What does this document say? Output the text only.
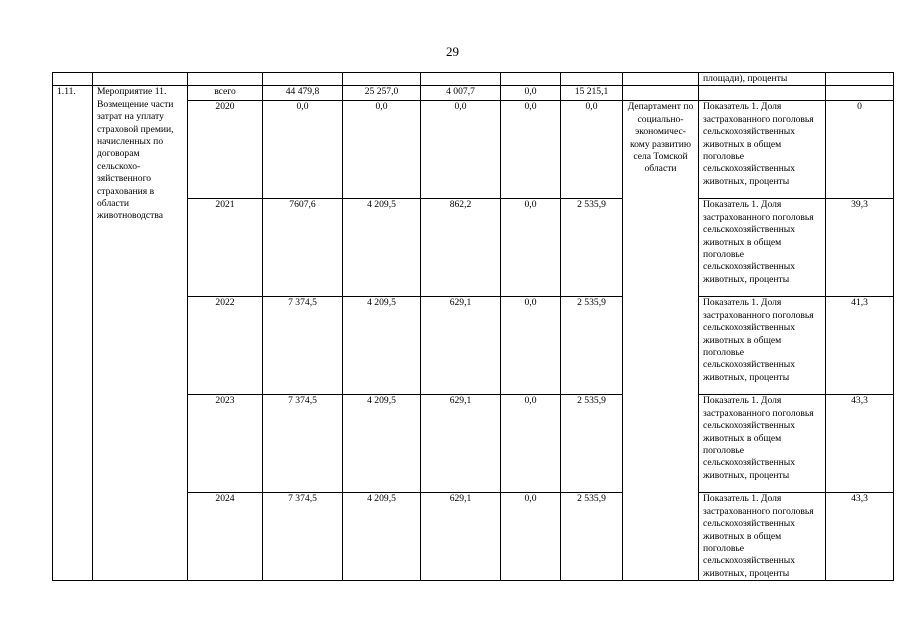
29
									площади), проценты	
1.11.	Мероприятие 11. Возмещение части затрат на уплату страховой премии, начисленных по договорам сельскохо-зяйственного страхования в области животноводства	всего	44 479,8	25 257,0	4 007,7	0,0	15 215,1			
		2020	0,0	0,0	0,0	0,0	0,0	Департамент по социально-экономичес-кому развитию села Томской области	Показатель 1. Доля застрахованного поголовья сельскохозяйственных животных в общем поголовье сельскохозяйственных животных, проценты	0
		2021	7607,6	4 209,5	862,2	0,0	2 535,9		Показатель 1. Доля застрахованного поголовья сельскохозяйственных животных в общем поголовье сельскохозяйственных животных, проценты	39,3
		2022	7 374,5	4 209,5	629,1	0,0	2 535,9		Показатель 1. Доля застрахованного поголовья сельскохозяйственных животных в общем поголовье сельскохозяйственных животных, проценты	41,3
		2023	7 374,5	4 209,5	629,1	0,0	2 535,9		Показатель 1. Доля застрахованного поголовья сельскохозяйственных животных в общем поголовье сельскохозяйственных животных, проценты	43,3
		2024	7 374,5	4 209,5	629,1	0,0	2 535,9		Показатель 1. Доля застрахованного поголовья сельскохозяйственных животных в общем поголовье сельскохозяйственных животных, проценты	43,3
